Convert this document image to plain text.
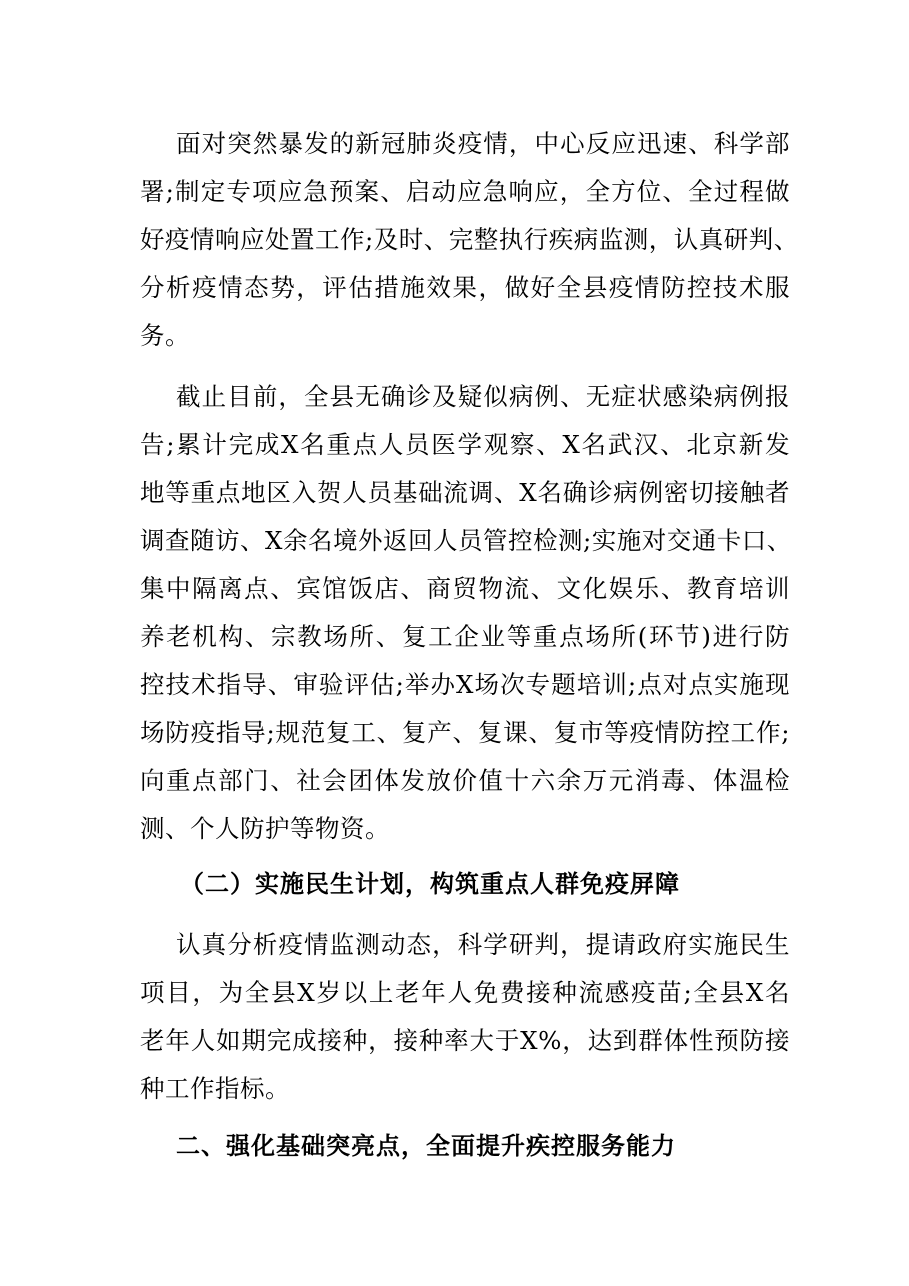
面对突然暴发的新冠肺炎疫情，中心反应迅速、科学部
署;制定专项应急预案、启动应急响应，全方位、全过程做
好疫情响应处置工作;及时、完整执行疾病监测，认真研判、
分析疫情态势，评估措施效果，做好全县疫情防控技术服
务。
截止目前，全县无确诊及疑似病例、无症状感染病例报
告;累计完成X名重点人员医学观察、X名武汉、北京新发
地等重点地区入贺人员基础流调、X名确诊病例密切接触者
调查随访、X余名境外返回人员管控检测;实施对交通卡口、
集中隔离点、宾馆饭店、商贸物流、文化娱乐、教育培训
养老机构、宗教场所、复工企业等重点场所(环节)进行防
控技术指导、审验评估;举办X场次专题培训;点对点实施现
场防疫指导;规范复工、复产、复课、复市等疫情防控工作;
向重点部门、社会团体发放价值十六余万元消毒、体温检
测、个人防护等物资。
（二）实施民生计划，构筑重点人群免疫屏障
认真分析疫情监测动态，科学研判，提请政府实施民生
项目，为全县X岁以上老年人免费接种流感疫苗;全县X名
老年人如期完成接种，接种率大于X%，达到群体性预防接
种工作指标。
二、强化基础突亮点，全面提升疾控服务能力
